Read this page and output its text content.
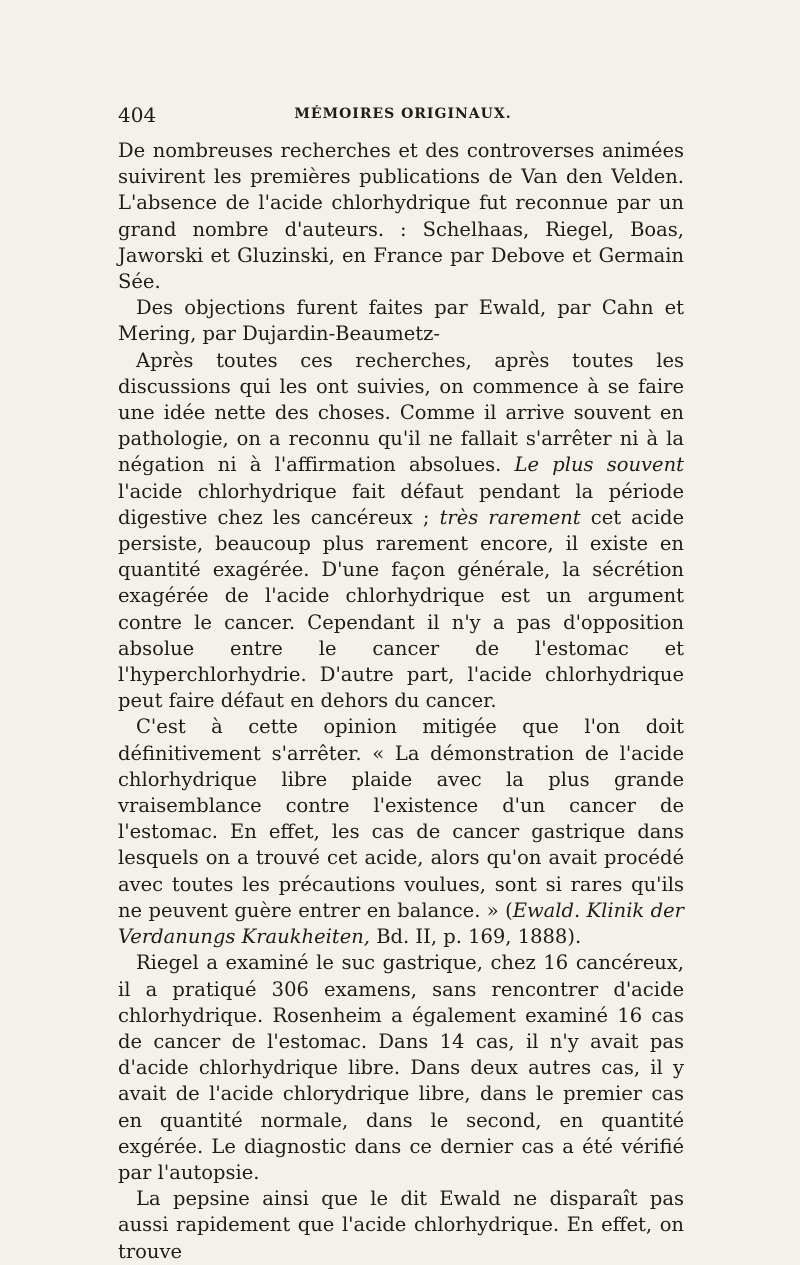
404	MÉMOIRES ORIGINAUX.

De nombreuses recherches et des controverses animées suivirent les premières publications de Van den Velden. L'absence de l'acide chlorhydrique fut reconnue par un grand nombre d'auteurs. : Schelhaas, Riegel, Boas, Jaworski et Gluzinski, en France par Debove et Germain Sée.

Des objections furent faites par Ewald, par Cahn et Mering, par Dujardin-Beaumetz-

Après toutes ces recherches, après toutes les discussions qui les ont suivies, on commence à se faire une idée nette des choses. Comme il arrive souvent en pathologie, on a reconnu qu'il ne fallait s'arrêter ni à la négation ni à l'affirmation absolues. Le plus souvent l'acide chlorhydrique fait défaut pendant la période digestive chez les cancéreux ; très rarement cet acide persiste, beaucoup plus rarement encore, il existe en quantité exagérée. D'une façon générale, la sécrétion exagérée de l'acide chlorhydrique est un argument contre le cancer. Cependant il n'y a pas d'opposition absolue entre le cancer de l'estomac et l'hyperchlorhydrie. D'autre part, l'acide chlorhydrique peut faire défaut en dehors du cancer.

C'est à cette opinion mitigée que l'on doit définitivement s'arrêter. « La démonstration de l'acide chlorhydrique libre plaide avec la plus grande vraisemblance contre l'existence d'un cancer de l'estomac. En effet, les cas de cancer gastrique dans lesquels on a trouvé cet acide, alors qu'on avait procédé avec toutes les précautions voulues, sont si rares qu'ils ne peuvent guère entrer en balance. » (Ewald. Klinik der Verdanungs Kraukheiten, Bd. II, p. 169, 1888).

Riegel a examiné le suc gastrique, chez 16 cancéreux, il a pratiqué 306 examens, sans rencontrer d'acide chlorhydrique. Rosenheim a également examiné 16 cas de cancer de l'estomac. Dans 14 cas, il n'y avait pas d'acide chlorhydrique libre. Dans deux autres cas, il y avait de l'acide chlorydrique libre, dans le premier cas en quantité normale, dans le second, en quantité exgérée. Le diagnostic dans ce dernier cas a été vérifié par l'autopsie.

La pepsine ainsi que le dit Ewald ne disparaît pas aussi rapidement que l'acide chlorhydrique. En effet, on trouve
